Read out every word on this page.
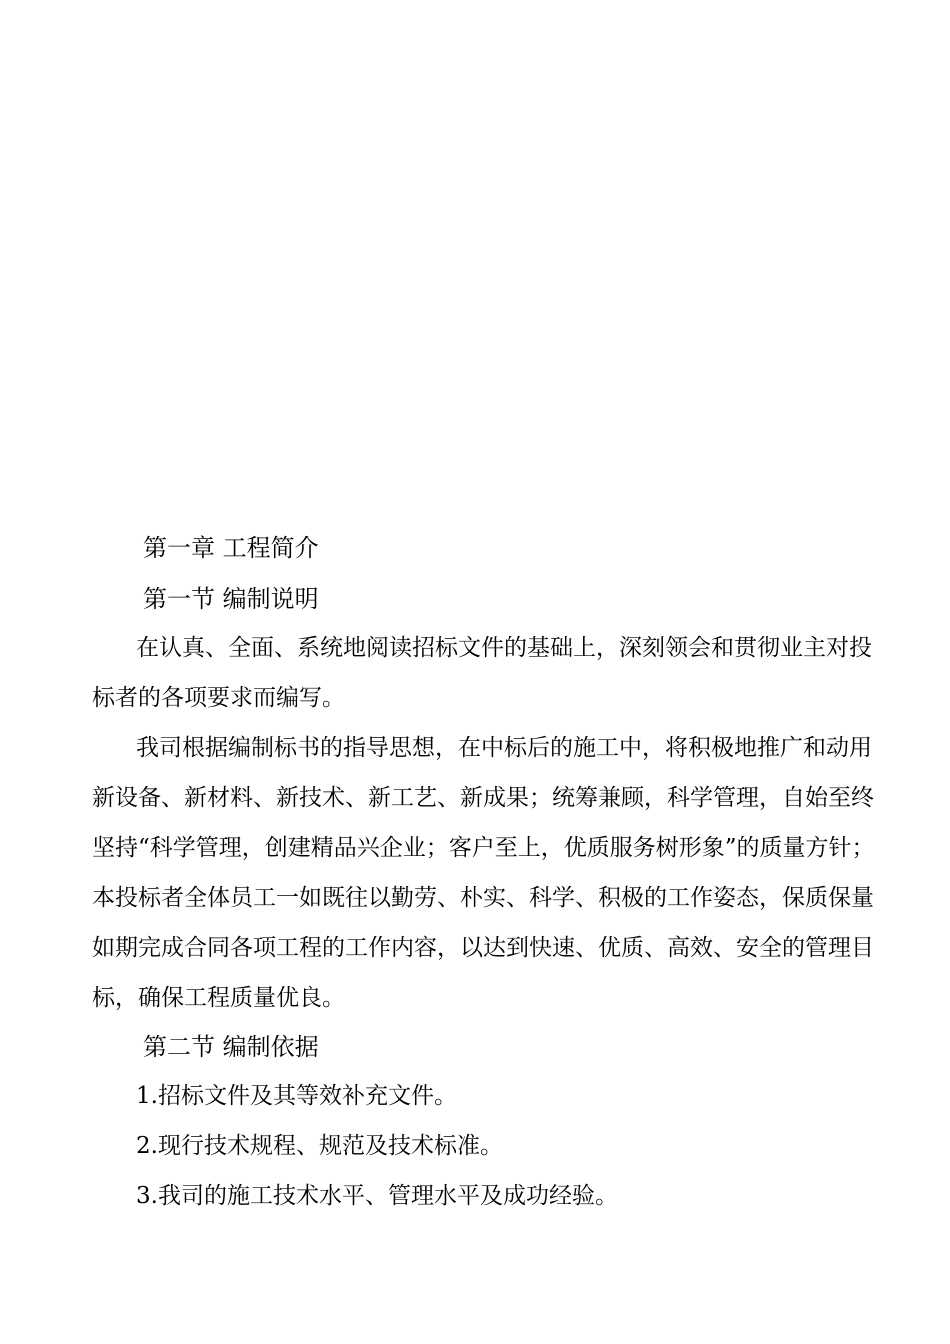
第一章 工程简介
第一节 编制说明
在认真、全面、系统地阅读招标文件的基础上，深刻领会和贯彻业主对投
标者的各项要求而编写。
我司根据编制标书的指导思想，在中标后的施工中，将积极地推广和动用
新设备、新材料、新技术、新工艺、新成果；统筹兼顾，科学管理，自始至终
坚持“科学管理，创建精品兴企业；客户至上，优质服务树形象”的质量方针；
本投标者全体员工一如既往以勤劳、朴实、科学、积极的工作姿态，保质保量
如期完成合同各项工程的工作内容，以达到快速、优质、高效、安全的管理目
标，确保工程质量优良。
第二节 编制依据
1.招标文件及其等效补充文件。
2.现行技术规程、规范及技术标准。
3.我司的施工技术水平、管理水平及成功经验。
